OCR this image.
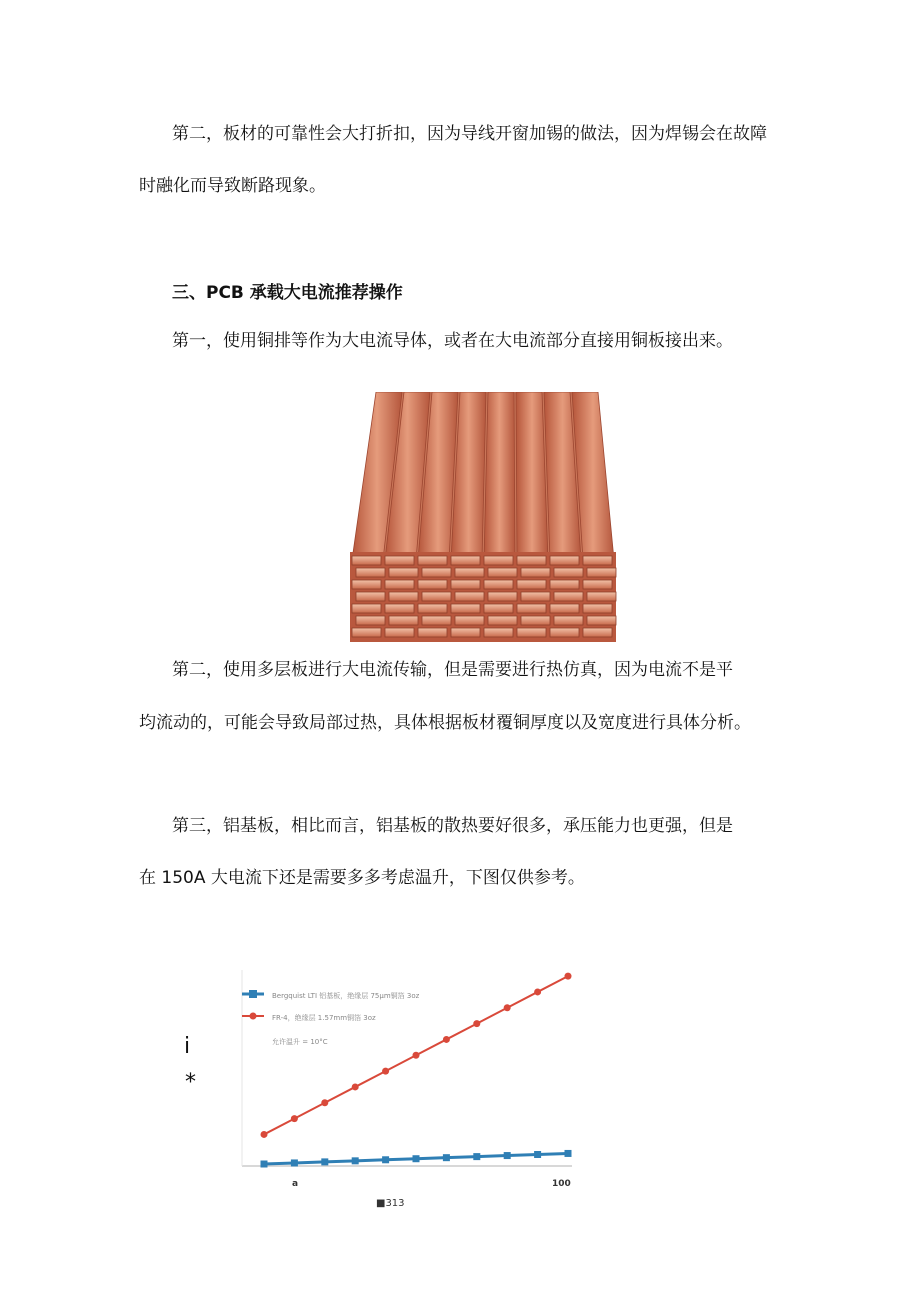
第二，板材的可靠性会大打折扣，因为导线开窗加锡的做法，因为焊锡会在故障
时融化而导致断路现象。
三、PCB 承载大电流推荐操作
第一，使用铜排等作为大电流导体，或者在大电流部分直接用铜板接出来。
第二，使用多层板进行大电流传输，但是需要进行热仿真，因为电流不是平
均流动的，可能会导致局部过热，具体根据板材覆铜厚度以及宽度进行具体分析。
第三，铝基板，相比而言，铝基板的散热要好很多，承压能力也更强，但是
在 150A 大电流下还是需要多多考虑温升，下图仅供参考。
i
*
Bergquist LTI 铝基板，绝缘层 75μm铜箔 3oz
FR-4，绝缘层 1.57mm铜箔 3oz
允许温升 = 10°C
a	100
■313
